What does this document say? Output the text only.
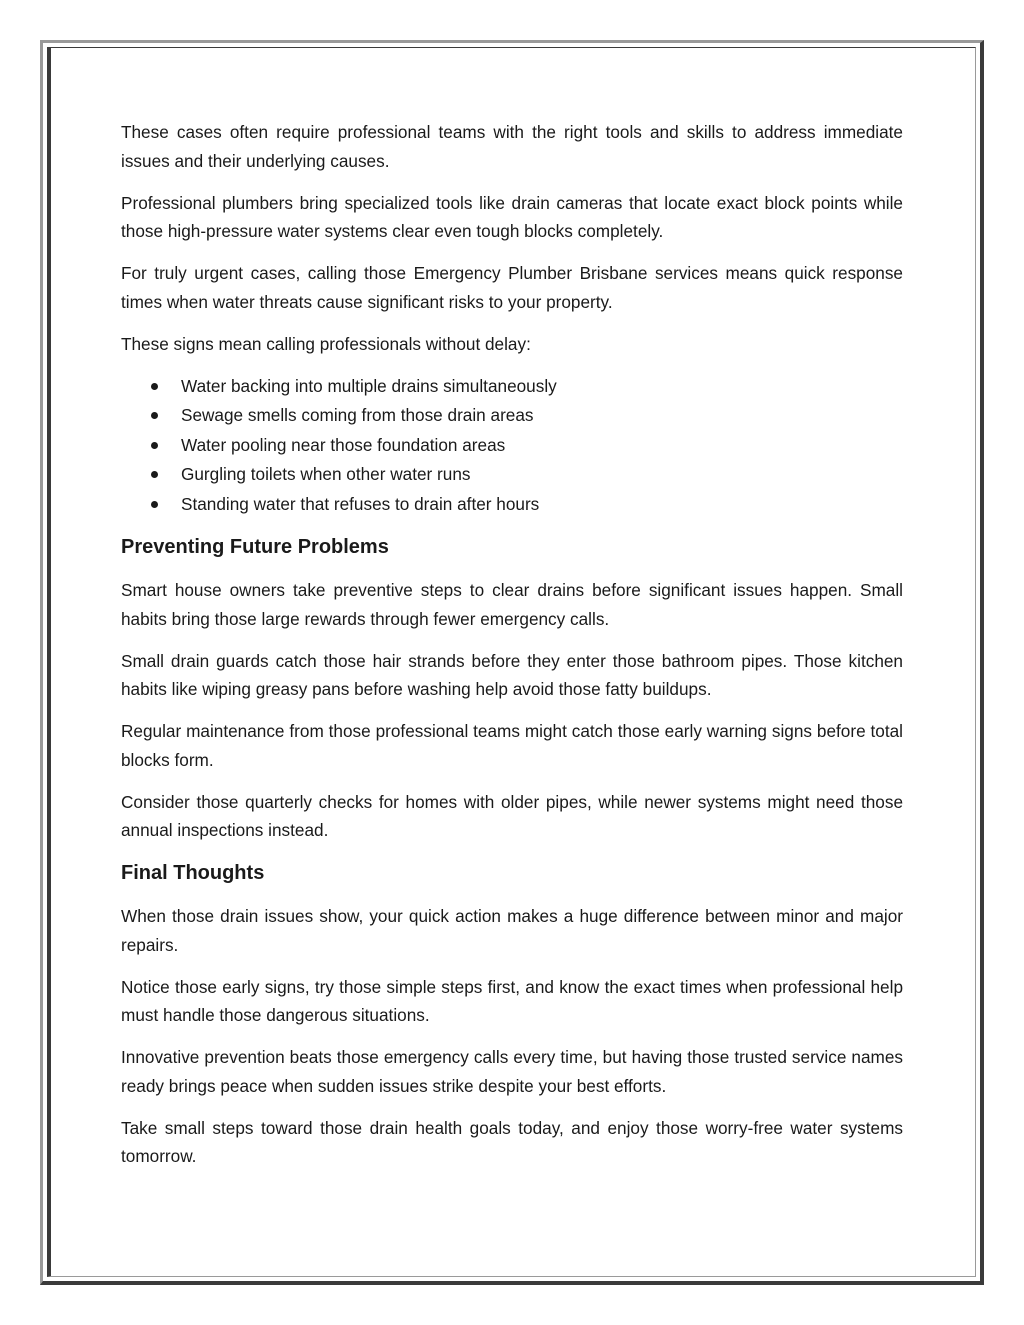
These cases often require professional teams with the right tools and skills to address immediate issues and their underlying causes.

Professional plumbers bring specialized tools like drain cameras that locate exact block points while those high-pressure water systems clear even tough blocks completely.

For truly urgent cases, calling those Emergency Plumber Brisbane services means quick response times when water threats cause significant risks to your property.

These signs mean calling professionals without delay:

Water backing into multiple drains simultaneously
Sewage smells coming from those drain areas
Water pooling near those foundation areas
Gurgling toilets when other water runs
Standing water that refuses to drain after hours
Preventing Future Problems

Smart house owners take preventive steps to clear drains before significant issues happen. Small habits bring those large rewards through fewer emergency calls.

Small drain guards catch those hair strands before they enter those bathroom pipes. Those kitchen habits like wiping greasy pans before washing help avoid those fatty buildups.

Regular maintenance from those professional teams might catch those early warning signs before total blocks form.

Consider those quarterly checks for homes with older pipes, while newer systems might need those annual inspections instead.

Final Thoughts

When those drain issues show, your quick action makes a huge difference between minor and major repairs.

Notice those early signs, try those simple steps first, and know the exact times when professional help must handle those dangerous situations.

Innovative prevention beats those emergency calls every time, but having those trusted service names ready brings peace when sudden issues strike despite your best efforts.

Take small steps toward those drain health goals today, and enjoy those worry-free water systems tomorrow.
